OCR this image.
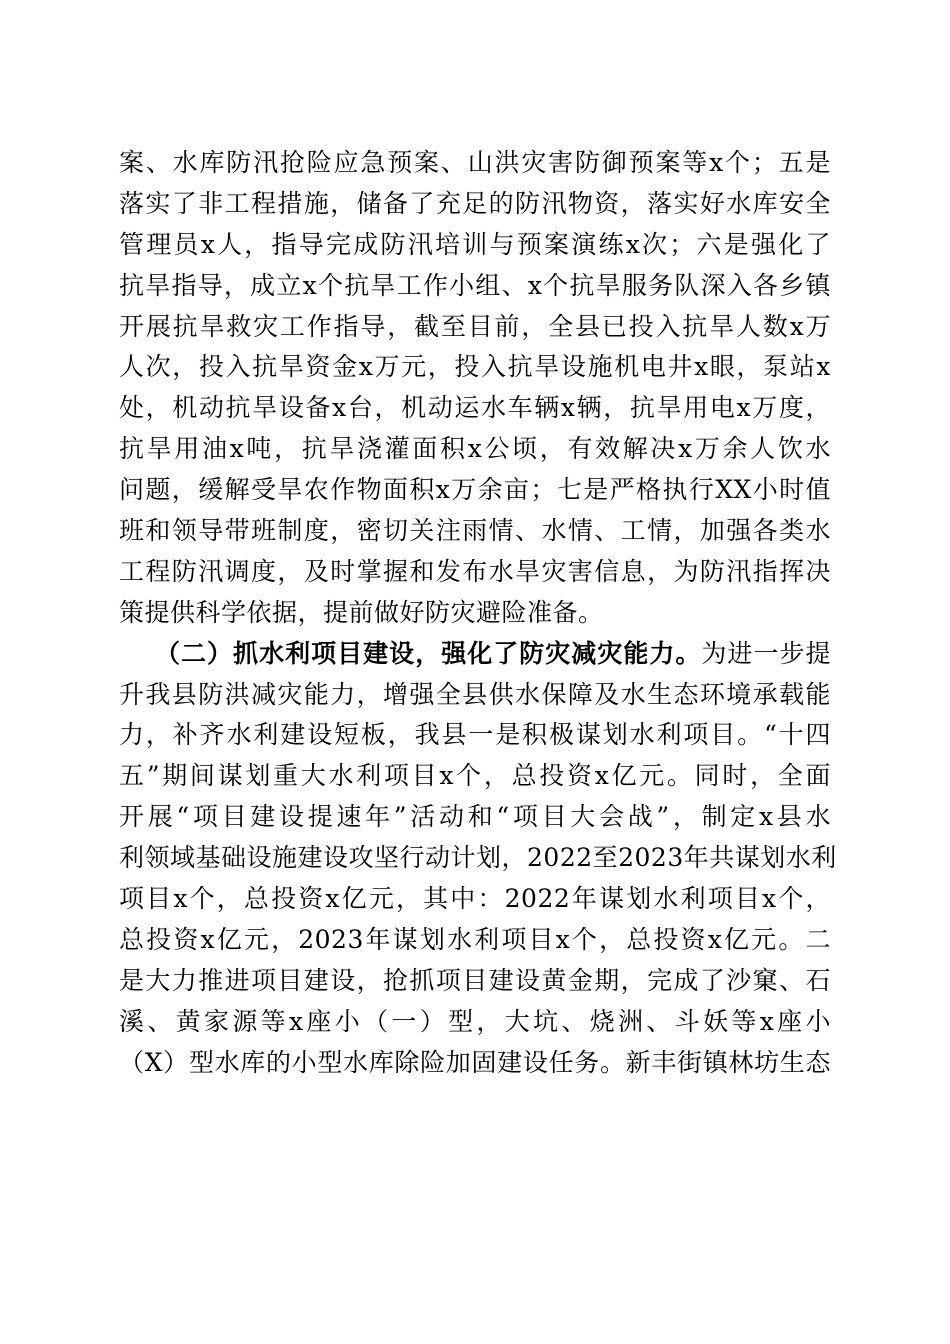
案、水库防汛抢险应急预案、山洪灾害防御预案等x个；五是
落实了非工程措施，储备了充足的防汛物资，落实好水库安全
管理员x人，指导完成防汛培训与预案演练x次；六是强化了
抗旱指导，成立x个抗旱工作小组、x个抗旱服务队深入各乡镇
开展抗旱救灾工作指导，截至目前，全县已投入抗旱人数x万
人次，投入抗旱资金x万元，投入抗旱设施机电井x眼，泵站x
处，机动抗旱设备x台，机动运水车辆x辆，抗旱用电x万度，
抗旱用油x吨，抗旱浇灌面积x公顷，有效解决x万余人饮水
问题，缓解受旱农作物面积x万余亩；七是严格执行XX小时值
班和领导带班制度，密切关注雨情、水情、工情，加强各类水
工程防汛调度，及时掌握和发布水旱灾害信息，为防汛指挥决
策提供科学依据，提前做好防灾避险准备。
（二）抓水利项目建设，强化了防灾减灾能力。为进一步提
升我县防洪减灾能力，增强全县供水保障及水生态环境承载能
力，补齐水利建设短板，我县一是积极谋划水利项目。“十四
五”期间谋划重大水利项目x个，总投资x亿元。同时，全面
开展“项目建设提速年”活动和“项目大会战”，制定x县水
利领域基础设施建设攻坚行动计划，2022至2023年共谋划水利
项目x个，总投资x亿元，其中：2022年谋划水利项目x个，
总投资x亿元，2023年谋划水利项目x个，总投资x亿元。二
是大力推进项目建设，抢抓项目建设黄金期，完成了沙窠、石
溪、黄家源等x座小（一）型，大坑、烧洲、斗妖等x座小
（X）型水库的小型水库除险加固建设任务。新丰街镇林坊生态
